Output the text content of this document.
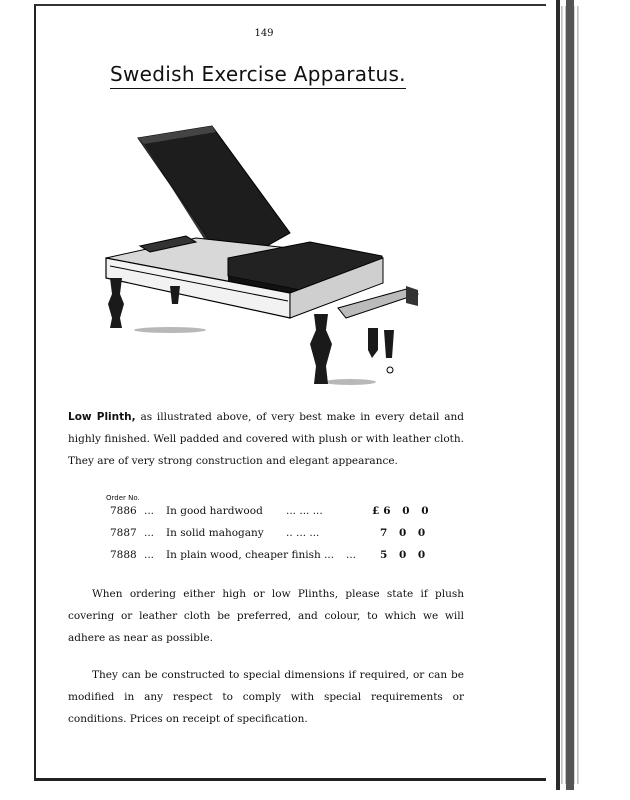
149
Swedish Exercise Apparatus.
Low Plinth, as illustrated above, of very best make in every detail and highly finished. Well padded and covered with plush or with leather cloth. They are of very strong construction and elegant appearance.
Order No.
7886 ... In good hardwood ... ... ...	£6 0 0
7887 ... In solid mahogany .. ... ...	7 0 0
7888 ... In plain wood, cheaper finish ... ... 5 0 0
When ordering either high or low Plinths, please state if plush covering or leather cloth be preferred, and colour, to which we will adhere as near as possible.
They can be constructed to special dimensions if required, or can be modified in any respect to comply with special requirements or conditions. Prices on receipt of specification.
